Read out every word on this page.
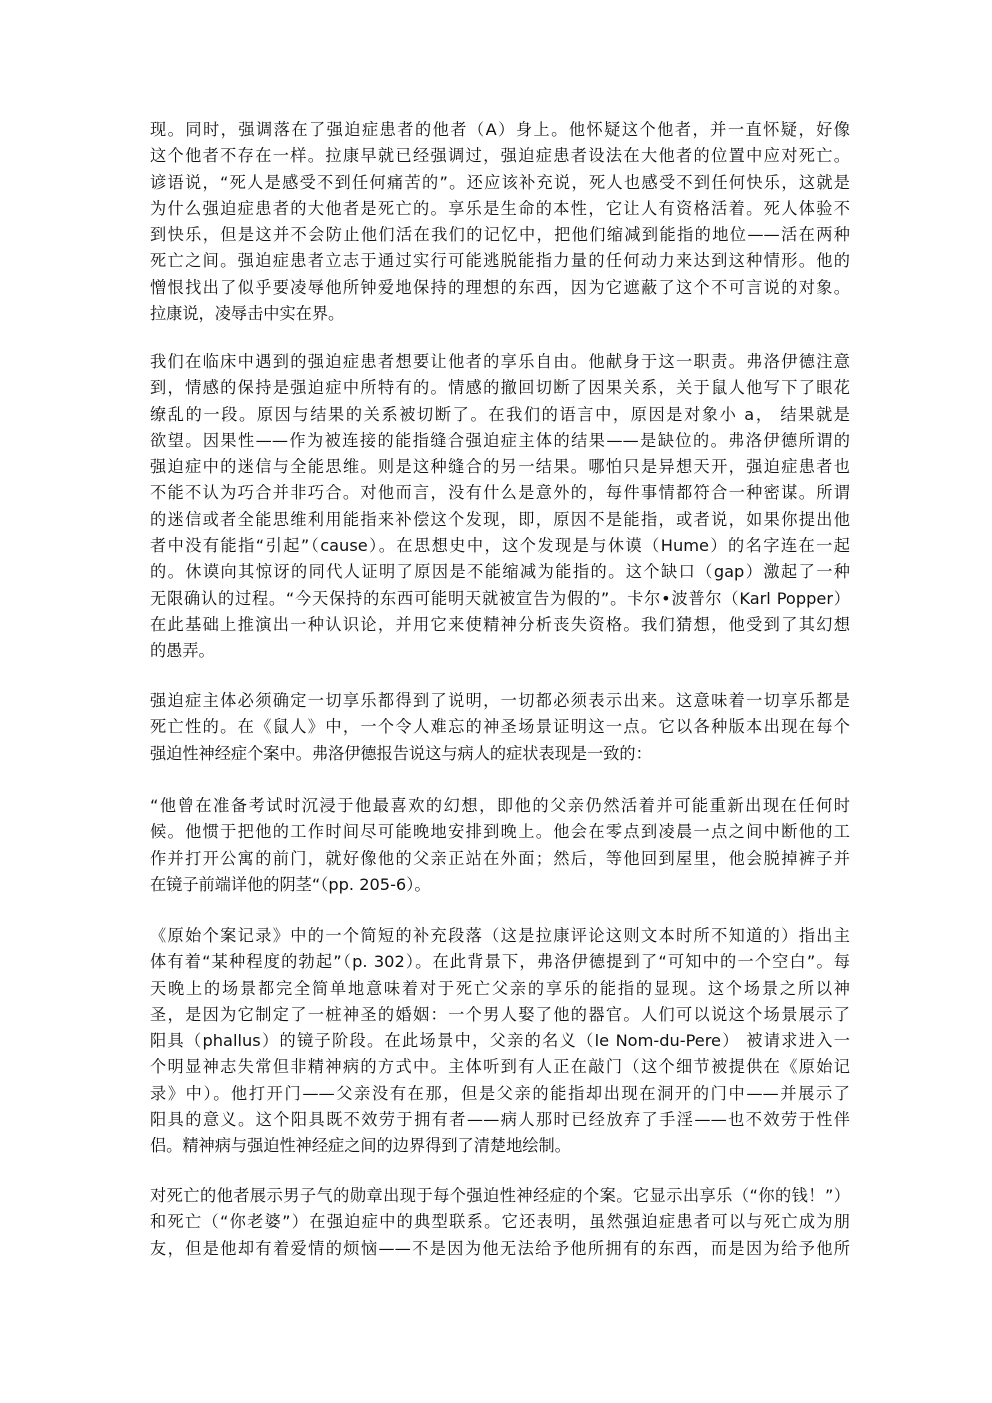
现。同时，强调落在了强迫症患者的他者（A）身上。他怀疑这个他者，并一直怀疑，好像
这个他者不存在一样。拉康早就已经强调过，强迫症患者设法在大他者的位置中应对死亡。
谚语说，“死人是感受不到任何痛苦的”。还应该补充说，死人也感受不到任何快乐，这就是
为什么强迫症患者的大他者是死亡的。享乐是生命的本性，它让人有资格活着。死人体验不
到快乐，但是这并不会防止他们活在我们的记忆中，把他们缩减到能指的地位——活在两种
死亡之间。强迫症患者立志于通过实行可能逃脱能指力量的任何动力来达到这种情形。他的
憎恨找出了似乎要凌辱他所钟爱地保持的理想的东西，因为它遮蔽了这个不可言说的对象。
拉康说，凌辱击中实在界。
我们在临床中遇到的强迫症患者想要让他者的享乐自由。他献身于这一职责。弗洛伊德注意
到，情感的保持是强迫症中所特有的。情感的撤回切断了因果关系，关于鼠人他写下了眼花
缭乱的一段。原因与结果的关系被切断了。在我们的语言中，原因是对象小 a， 结果就是
欲望。因果性——作为被连接的能指缝合强迫症主体的结果——是缺位的。弗洛伊德所谓的
强迫症中的迷信与全能思维。则是这种缝合的另一结果。哪怕只是异想天开，强迫症患者也
不能不认为巧合并非巧合。对他而言，没有什么是意外的，每件事情都符合一种密谋。所谓
的迷信或者全能思维利用能指来补偿这个发现，即，原因不是能指，或者说，如果你提出他
者中没有能指“引起”（cause）。在思想史中，这个发现是与休谟（Hume）的名字连在一起
的。休谟向其惊讶的同代人证明了原因是不能缩减为能指的。这个缺口（gap）激起了一种
无限确认的过程。“今天保持的东西可能明天就被宣告为假的”。卡尔•波普尔（Karl Popper）
在此基础上推演出一种认识论，并用它来使精神分析丧失资格。我们猜想，他受到了其幻想
的愚弄。
强迫症主体必须确定一切享乐都得到了说明，一切都必须表示出来。这意味着一切享乐都是
死亡性的。在《鼠人》中，一个令人难忘的神圣场景证明这一点。它以各种版本出现在每个
强迫性神经症个案中。弗洛伊德报告说这与病人的症状表现是一致的：
“他曾在准备考试时沉浸于他最喜欢的幻想，即他的父亲仍然活着并可能重新出现在任何时
候。他惯于把他的工作时间尽可能晚地安排到晚上。他会在零点到凌晨一点之间中断他的工
作并打开公寓的前门，就好像他的父亲正站在外面；然后，等他回到屋里，他会脱掉裤子并
在镜子前端详他的阴茎“（pp. 205-6）。
《原始个案记录》中的一个简短的补充段落（这是拉康评论这则文本时所不知道的）指出主
体有着“某种程度的勃起”（p. 302）。在此背景下，弗洛伊德提到了“可知中的一个空白”。每
天晚上的场景都完全简单地意味着对于死亡父亲的享乐的能指的显现。这个场景之所以神
圣，是因为它制定了一桩神圣的婚姻：一个男人娶了他的器官。人们可以说这个场景展示了
阳具（phallus）的镜子阶段。在此场景中，父亲的名义（le Nom-du-Pere） 被请求进入一
个明显神志失常但非精神病的方式中。主体听到有人正在敲门（这个细节被提供在《原始记
录》中）。他打开门——父亲没有在那，但是父亲的能指却出现在洞开的门中——并展示了
阳具的意义。这个阳具既不效劳于拥有者——病人那时已经放弃了手淫——也不效劳于性伴
侣。精神病与强迫性神经症之间的边界得到了清楚地绘制。
对死亡的他者展示男子气的勋章出现于每个强迫性神经症的个案。它显示出享乐（“你的钱！”）
和死亡（“你老婆”）在强迫症中的典型联系。它还表明，虽然强迫症患者可以与死亡成为朋
友，但是他却有着爱情的烦恼——不是因为他无法给予他所拥有的东西，而是因为给予他所
